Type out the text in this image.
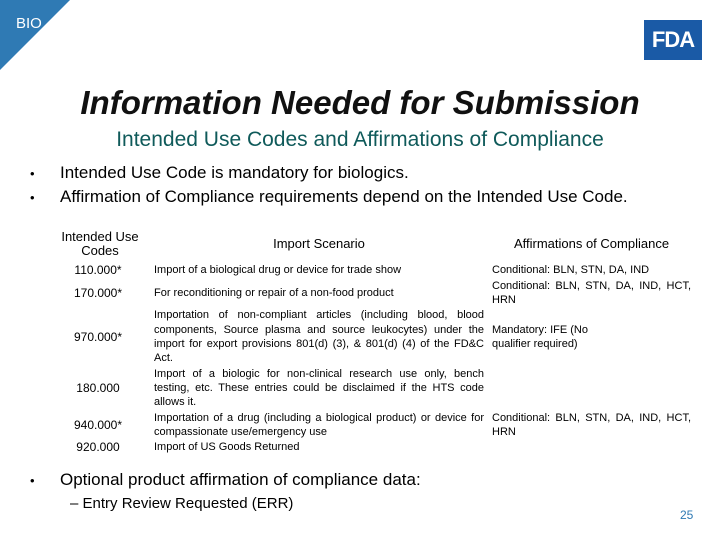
BIO
FDA
Information Needed for Submission
Intended Use Codes and Affirmations of Compliance
•	Intended Use Code is mandatory for biologics.
•	Affirmation of Compliance requirements depend on the Intended Use Code.
Intended Use Codes	Import Scenario	Affirmations of Compliance
110.000*	Import of a biological drug or device for trade show	Conditional: BLN, STN, DA, IND
170.000*	For reconditioning or repair of a non-food product	Conditional: BLN, STN, DA, IND, HCT, HRN
970.000*	Importation of non-compliant articles (including blood, blood components, Source plasma and source leukocytes) under the import for export provisions 801(d) (3), & 801(d) (4) of the FD&C Act.	Mandatory: IFE (No qualifier required)

180.000	Import of a biologic for non-clinical research use only, bench testing, etc. These entries could be disclaimed if the HTS code allows it.	
940.000*	Importation of a drug (including a biological product) or device for compassionate use/emergency use	Conditional: BLN, STN, DA, IND, HCT, HRN
920.000	Import of US Goods Returned	
•	Optional product affirmation of compliance data:
– Entry Review Requested (ERR)
25
